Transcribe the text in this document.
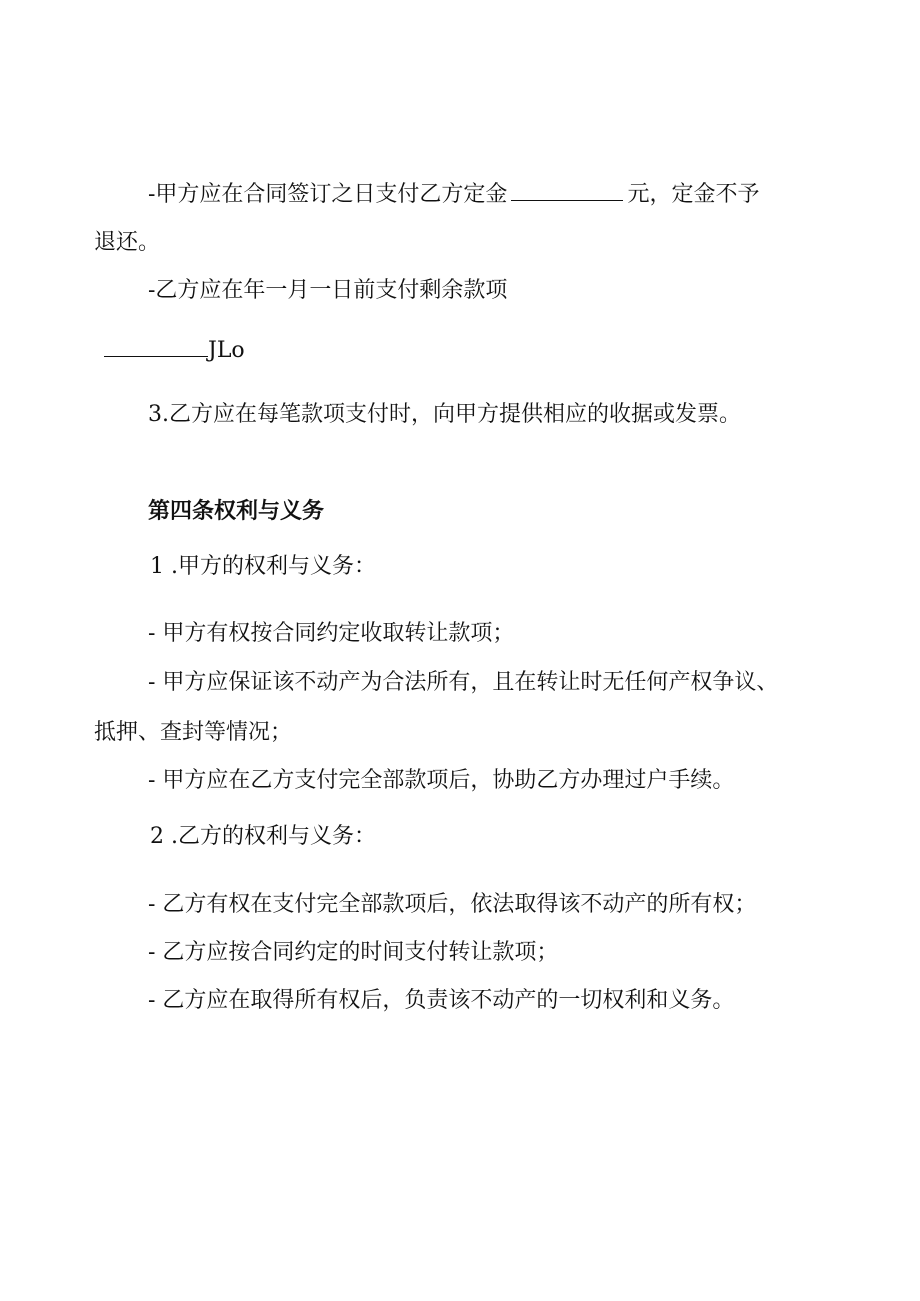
-甲方应在合同签订之日支付乙方定金	元，定金不予
退还。
-乙方应在年一月一日前支付剩余款项
JLo
3.乙方应在每笔款项支付时，向甲方提供相应的收据或发票。
第四条权利与义务
1 .甲方的权利与义务：
- 甲方有权按合同约定收取转让款项；
- 甲方应保证该不动产为合法所有，且在转让时无任何产权争议、
抵押、查封等情况；
- 甲方应在乙方支付完全部款项后，协助乙方办理过户手续。
2 .乙方的权利与义务：
- 乙方有权在支付完全部款项后，依法取得该不动产的所有权；
- 乙方应按合同约定的时间支付转让款项；
- 乙方应在取得所有权后，负责该不动产的一切权利和义务。
